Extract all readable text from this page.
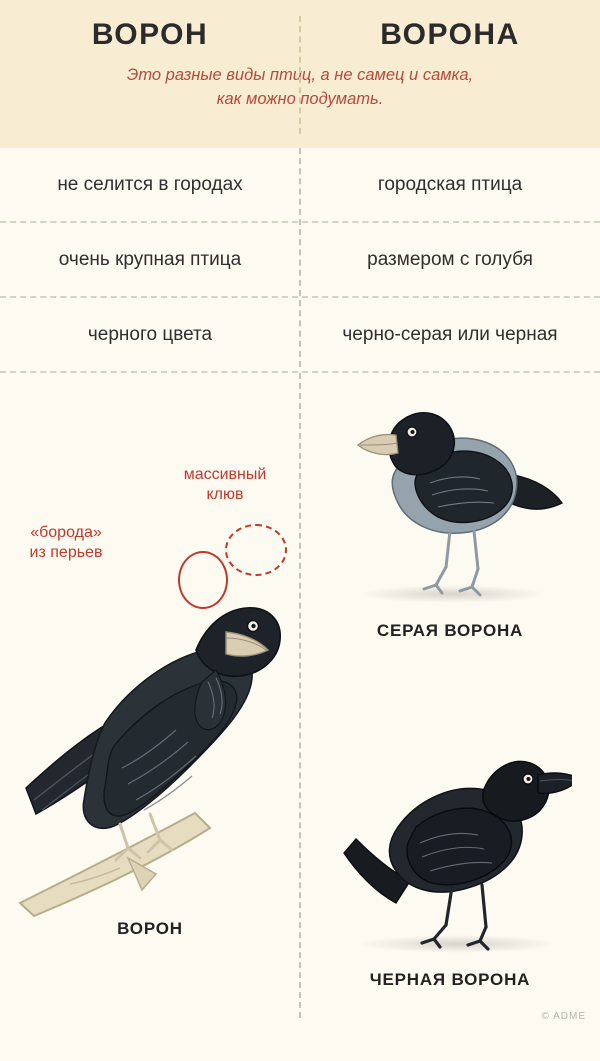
ВОРОН	ВОРОНА
Это разные виды птиц, а не самец и самка,
как можно подумать.
не селится в городах	городская птица
очень крупная птица	размером с голубя
черного цвета	черно-серая или черная
массивный
клюв
«борода»
из перьев
ВОРОН
СЕРАЯ ВОРОНА
ЧЕРНАЯ ВОРОНА
© ADME
